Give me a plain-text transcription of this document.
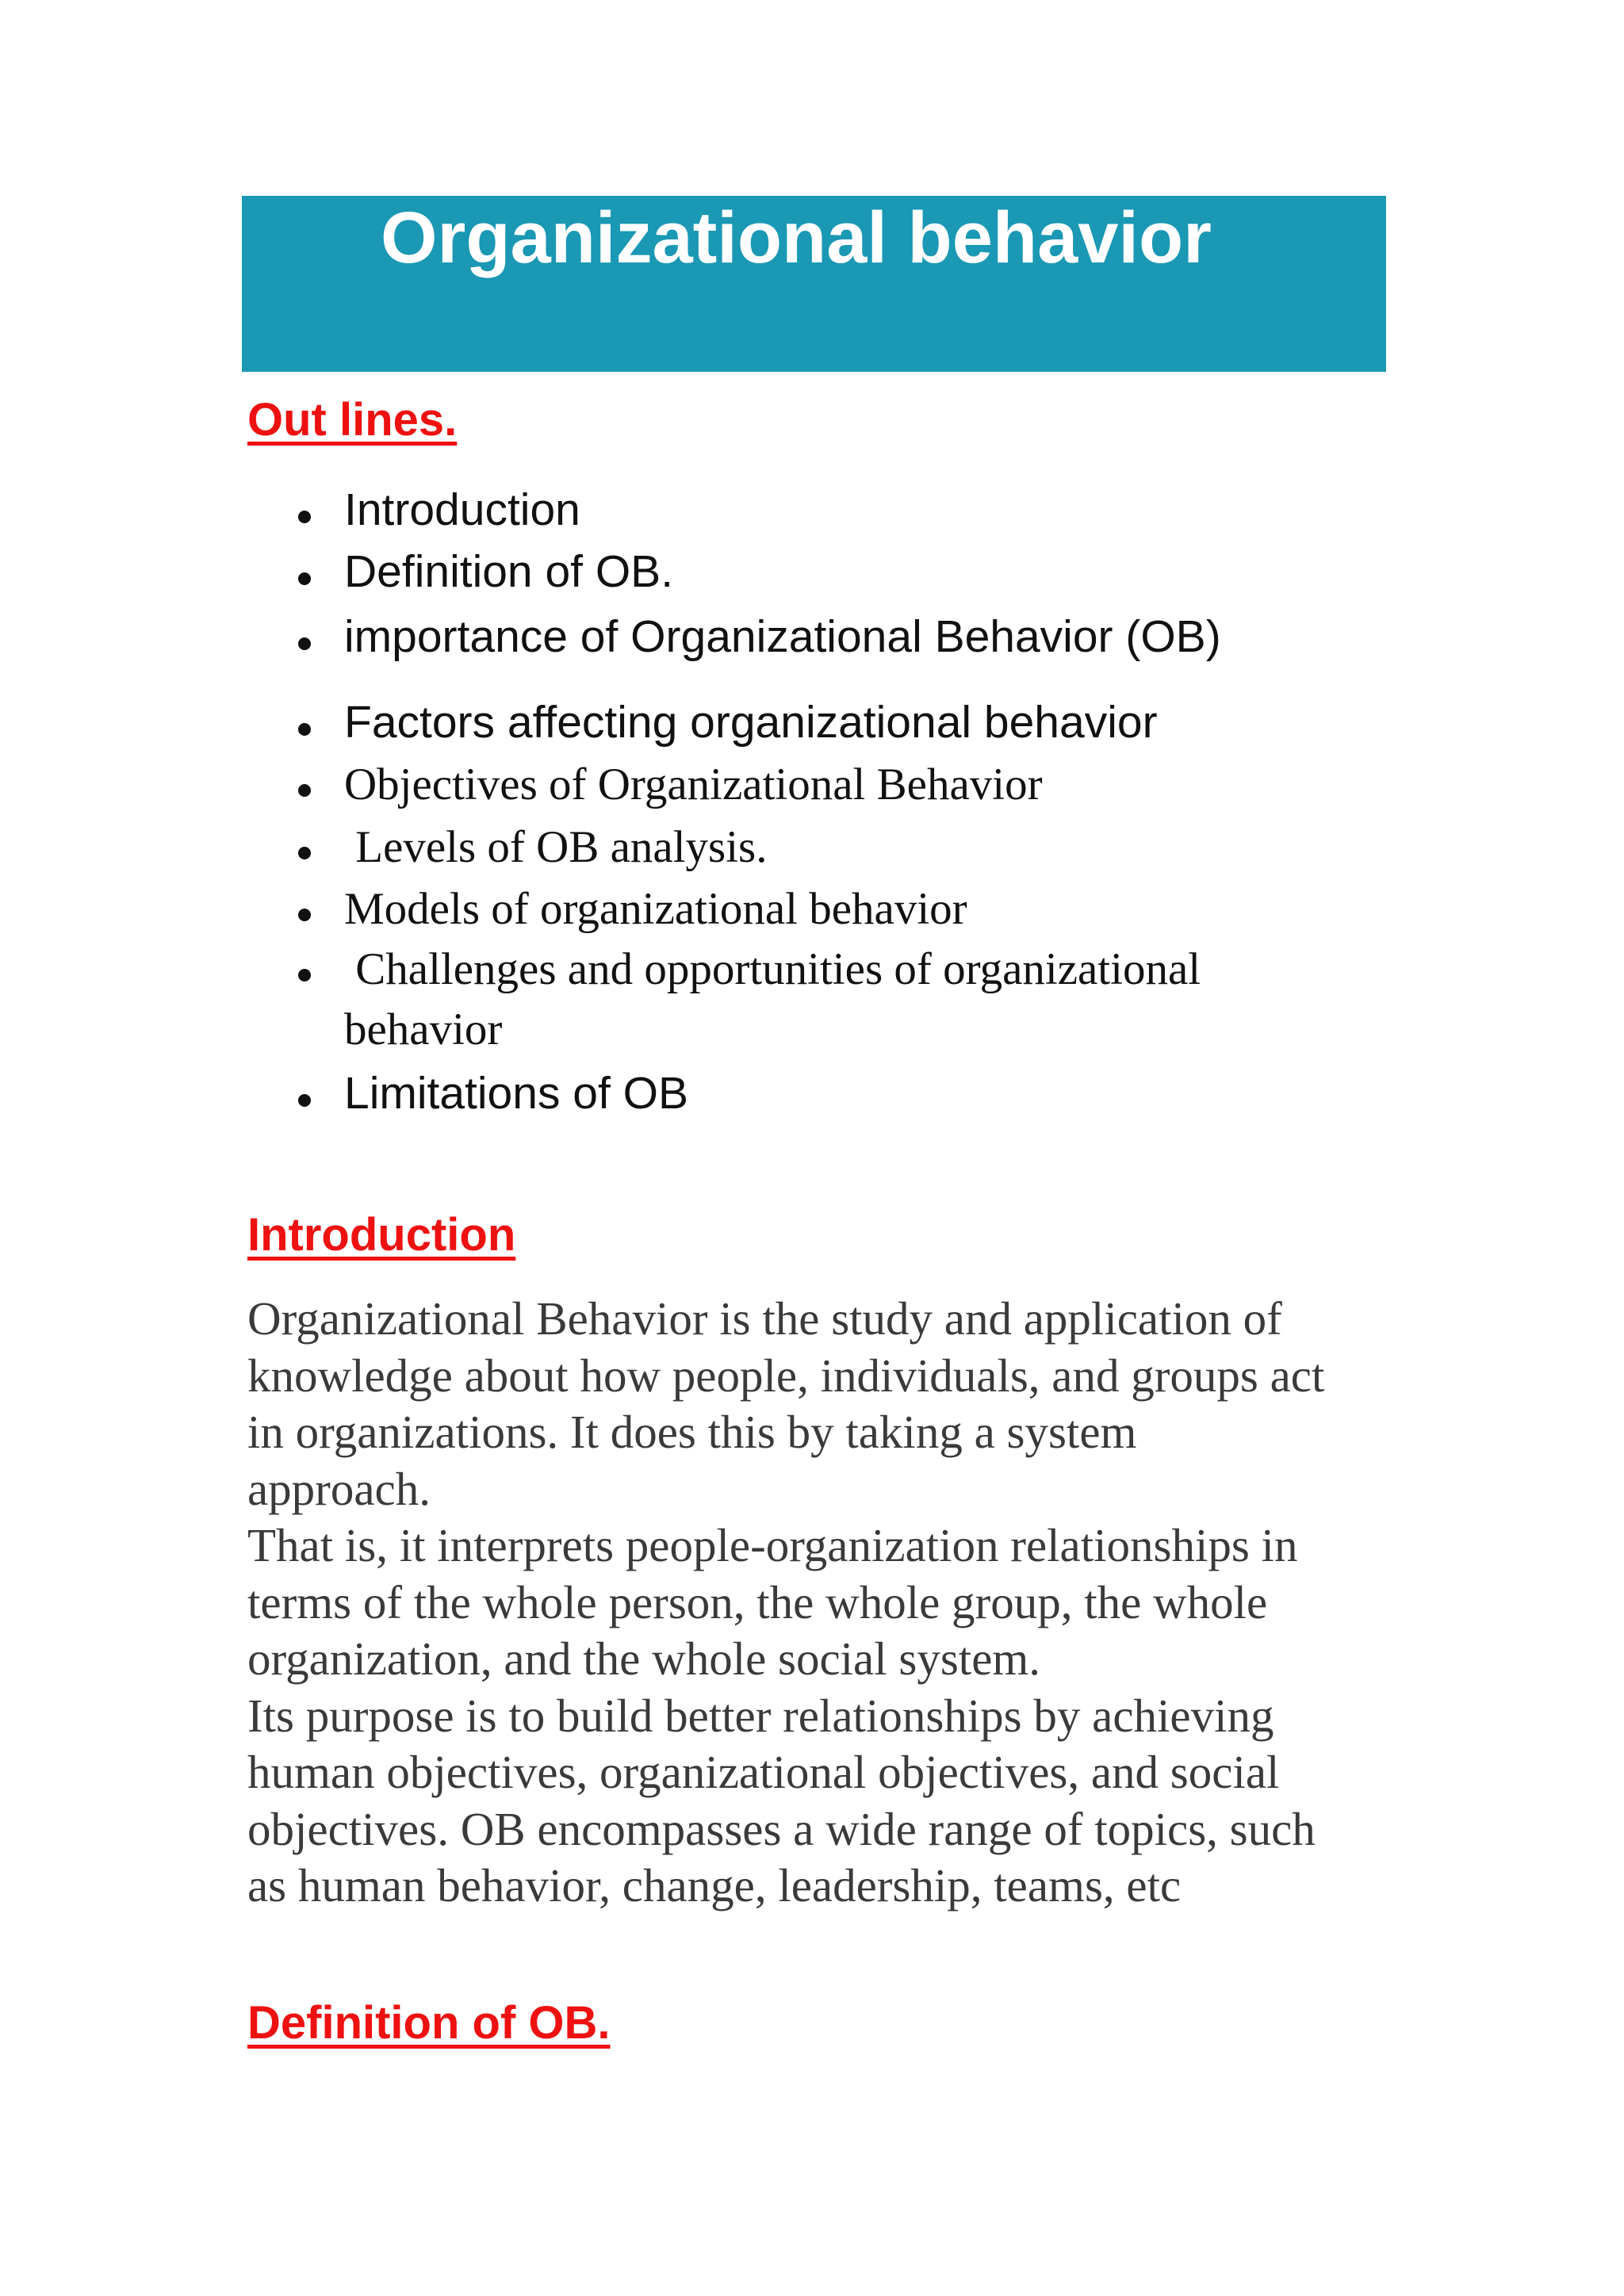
Organizational behavior
Out lines.
Introduction
Definition of OB.
importance of Organizational Behavior (OB)
Factors affecting organizational behavior
Objectives of Organizational Behavior
Levels of OB analysis.
Models of organizational behavior
Challenges and opportunities of organizational
behavior
Limitations of OB
Introduction
Organizational Behavior is the study and application of
knowledge about how people, individuals, and groups act
in organizations. It does this by taking a system
approach.
That is, it interprets people-organization relationships in
terms of the whole person, the whole group, the whole
organization, and the whole social system.
Its purpose is to build better relationships by achieving
human objectives, organizational objectives, and social
objectives. OB encompasses a wide range of topics, such
as human behavior, change, leadership, teams, etc
Definition of OB.
